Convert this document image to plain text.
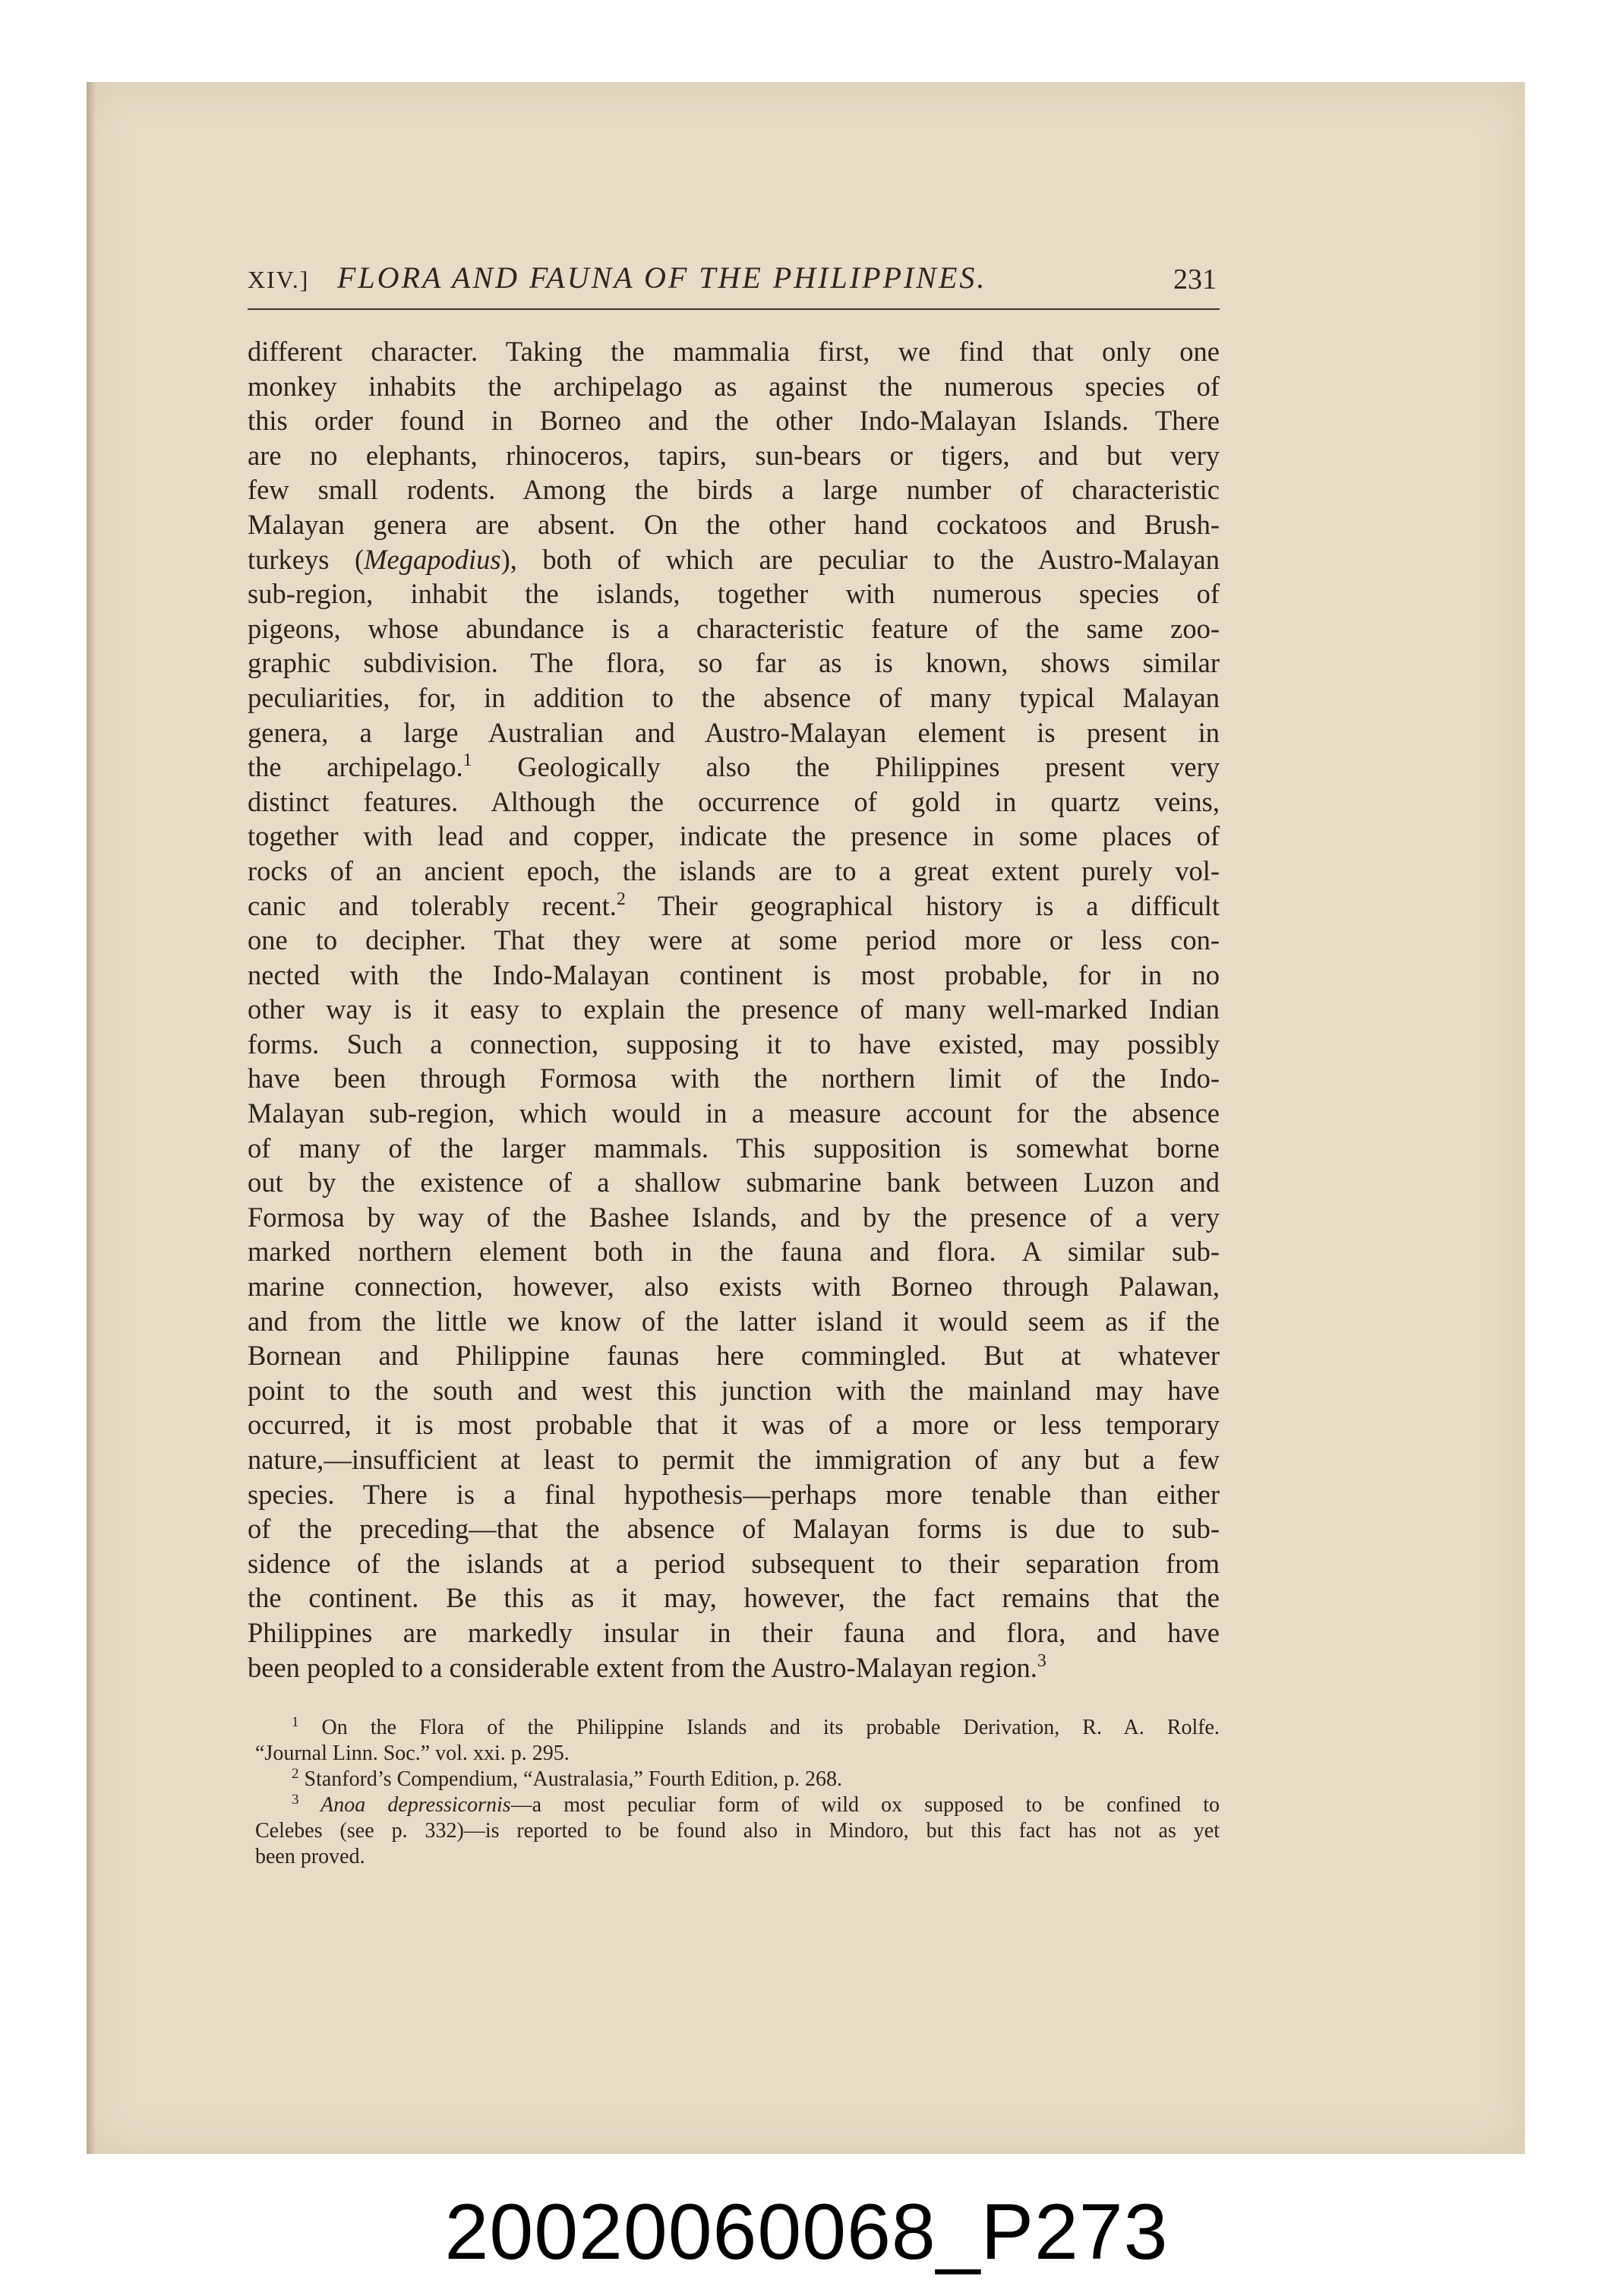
XIV.] FLORA AND FAUNA OF THE PHILIPPINES.	231
different character. Taking the mammalia first, we find that only one
monkey inhabits the archipelago as against the numerous species of
this order found in Borneo and the other Indo-Malayan Islands. There
are no elephants, rhinoceros, tapirs, sun-bears or tigers, and but very
few small rodents. Among the birds a large number of characteristic
Malayan genera are absent. On the other hand cockatoos and Brush-
turkeys (Megapodius), both of which are peculiar to the Austro-Malayan
sub-region, inhabit the islands, together with numerous species of
pigeons, whose abundance is a characteristic feature of the same zoo-
graphic subdivision. The flora, so far as is known, shows similar
peculiarities, for, in addition to the absence of many typical Malayan
genera, a large Australian and Austro-Malayan element is present in
the archipelago.$^1$ Geologically also the Philippines present very
distinct features. Although the occurrence of gold in quartz veins,
together with lead and copper, indicate the presence in some places of
rocks of an ancient epoch, the islands are to a great extent purely vol-
canic and tolerably recent.$^2$ Their geographical history is a difficult
one to decipher. That they were at some period more or less con-
nected with the Indo-Malayan continent is most probable, for in no
other way is it easy to explain the presence of many well-marked Indian
forms. Such a connection, supposing it to have existed, may possibly
have been through Formosa with the northern limit of the Indo-
Malayan sub-region, which would in a measure account for the absence
of many of the larger mammals. This supposition is somewhat borne
out by the existence of a shallow submarine bank between Luzon and
Formosa by way of the Bashee Islands, and by the presence of a very
marked northern element both in the fauna and flora. A similar sub-
marine connection, however, also exists with Borneo through Palawan,
and from the little we know of the latter island it would seem as if the
Bornean and Philippine faunas here commingled. But at whatever
point to the south and west this junction with the mainland may have
occurred, it is most probable that it was of a more or less temporary
nature,—insufficient at least to permit the immigration of any but a few
species. There is a final hypothesis—perhaps more tenable than either
of the preceding—that the absence of Malayan forms is due to sub-
sidence of the islands at a period subsequent to their separation from
the continent. Be this as it may, however, the fact remains that the
Philippines are markedly insular in their fauna and flora, and have
been peopled to a considerable extent from the Austro-Malayan region.$^3$
$^1$ On the Flora of the Philippine Islands and its probable Derivation, R. A. Rolfe.
“Journal Linn. Soc.” vol. xxi. p. 295.
$^2$ Stanford’s Compendium, “Australasia,” Fourth Edition, p. 268.
$^3$ Anoa depressicornis—a most peculiar form of wild ox supposed to be confined to
Celebes (see p. 332)—is reported to be found also in Mindoro, but this fact has not as yet
been proved.
20020060068_P273
